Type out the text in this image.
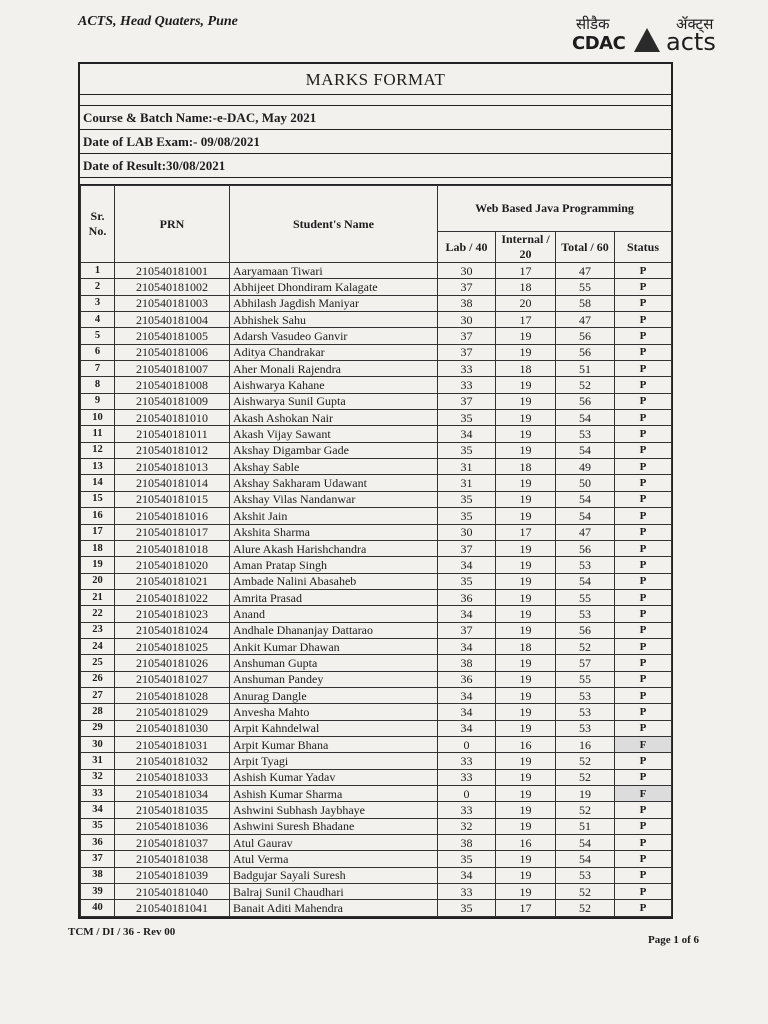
ACTS, Head Quaters, Pune	सीडैक	ॲक्ट्स
CDAC acts
MARKS FORMAT
Course & Batch Name:-e-DAC, May 2021
Date of LAB Exam:- 09/08/2021
Date of Result:30/08/2021
Sr. No.	PRN	Student's Name	Web Based Java Programming			
			Lab / 40	Internal / 20	Total / 60	Status
1	210540181001	Aaryamaan Tiwari	30	17	47	P
2	210540181002	Abhijeet Dhondiram Kalagate	37	18	55	P
3	210540181003	Abhilash Jagdish Maniyar	38	20	58	P
4	210540181004	Abhishek Sahu	30	17	47	P
5	210540181005	Adarsh Vasudeo Ganvir	37	19	56	P
6	210540181006	Aditya Chandrakar	37	19	56	P
7	210540181007	Aher Monali Rajendra	33	18	51	P
8	210540181008	Aishwarya Kahane	33	19	52	P
9	210540181009	Aishwarya Sunil Gupta	37	19	56	P
10	210540181010	Akash Ashokan Nair	35	19	54	P
11	210540181011	Akash Vijay Sawant	34	19	53	P
12	210540181012	Akshay Digambar Gade	35	19	54	P
13	210540181013	Akshay Sable	31	18	49	P
14	210540181014	Akshay Sakharam Udawant	31	19	50	P
15	210540181015	Akshay Vilas Nandanwar	35	19	54	P
16	210540181016	Akshit Jain	35	19	54	P
17	210540181017	Akshita Sharma	30	17	47	P
18	210540181018	Alure Akash Harishchandra	37	19	56	P
19	210540181020	Aman Pratap Singh	34	19	53	P
20	210540181021	Ambade Nalini Abasaheb	35	19	54	P
21	210540181022	Amrita Prasad	36	19	55	P
22	210540181023	Anand	34	19	53	P
23	210540181024	Andhale Dhananjay Dattarao	37	19	56	P
24	210540181025	Ankit Kumar Dhawan	34	18	52	P
25	210540181026	Anshuman Gupta	38	19	57	P
26	210540181027	Anshuman Pandey	36	19	55	P
27	210540181028	Anurag Dangle	34	19	53	P
28	210540181029	Anvesha Mahto	34	19	53	P
29	210540181030	Arpit Kahndelwal	34	19	53	P
30	210540181031	Arpit Kumar Bhana	0	16	16	F
31	210540181032	Arpit Tyagi	33	19	52	P
32	210540181033	Ashish Kumar Yadav	33	19	52	P
33	210540181034	Ashish Kumar Sharma	0	19	19	F
34	210540181035	Ashwini Subhash Jaybhaye	33	19	52	P
35	210540181036	Ashwini Suresh Bhadane	32	19	51	P
36	210540181037	Atul Gaurav	38	16	54	P
37	210540181038	Atul Verma	35	19	54	P
38	210540181039	Badgujar Sayali Suresh	34	19	53	P
39	210540181040	Balraj Sunil Chaudhari	33	19	52	P
40	210540181041	Banait Aditi Mahendra	35	17	52	P
TCM / DI / 36 - Rev 00
Page 1 of 6
